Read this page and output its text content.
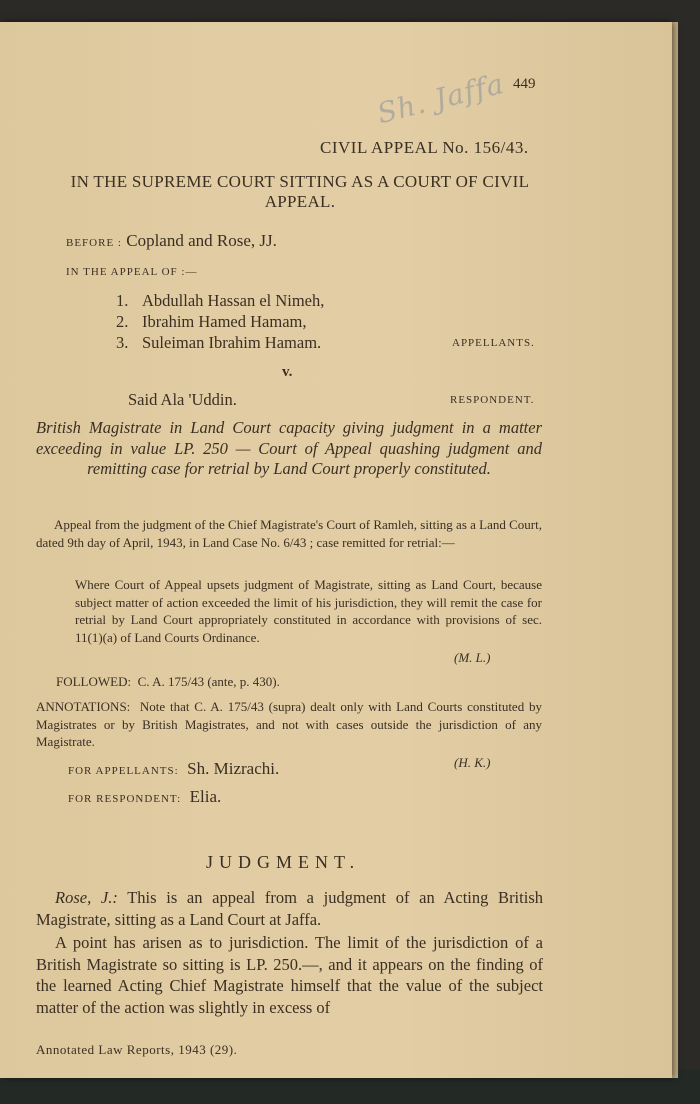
Sh. Jaffa 449
CIVIL APPEAL No. 156/43.
IN THE SUPREME COURT SITTING AS A COURT OF CIVIL APPEAL.
BEFORE : Copland and Rose, JJ.
IN THE APPEAL OF :—
1. Abdullah Hassan el Nimeh,
2. Ibrahim Hamed Hamam,
3. Suleiman Ibrahim Hamam.	APPELLANTS.
v.
Said Ala 'Uddin.	RESPONDENT.
British Magistrate in Land Court capacity giving judgment in a matter exceeding in value LP. 250 — Court of Appeal quashing judgment and remitting case for retrial by Land Court properly constituted.
Appeal from the judgment of the Chief Magistrate's Court of Ramleh, sitting as a Land Court, dated 9th day of April, 1943, in Land Case No. 6/43 ; case remitted for retrial:—
Where Court of Appeal upsets judgment of Magistrate, sitting as Land Court, because subject matter of action exceeded the limit of his jurisdiction, they will remit the case for retrial by Land Court appropriately constituted in accordance with provisions of sec. 11(1)(a) of Land Courts Ordinance.
(M. L.)
FOLLOWED: C. A. 175/43 (ante, p. 430).
ANNOTATIONS: Note that C. A. 175/43 (supra) dealt only with Land Courts constituted by Magistrates or by British Magistrates, and not with cases outside the jurisdiction of any Magistrate.
(H. K.)
FOR APPELLANTS: Sh. Mizrachi.
FOR RESPONDENT: Elia.
JUDGMENT.
Rose, J.: This is an appeal from a judgment of an Acting British Magistrate, sitting as a Land Court at Jaffa.
A point has arisen as to jurisdiction. The limit of the jurisdiction of a British Magistrate so sitting is LP. 250.—, and it appears on the finding of the learned Acting Chief Magistrate himself that the value of the subject matter of the action was slightly in excess of
Annotated Law Reports, 1943 (29).
